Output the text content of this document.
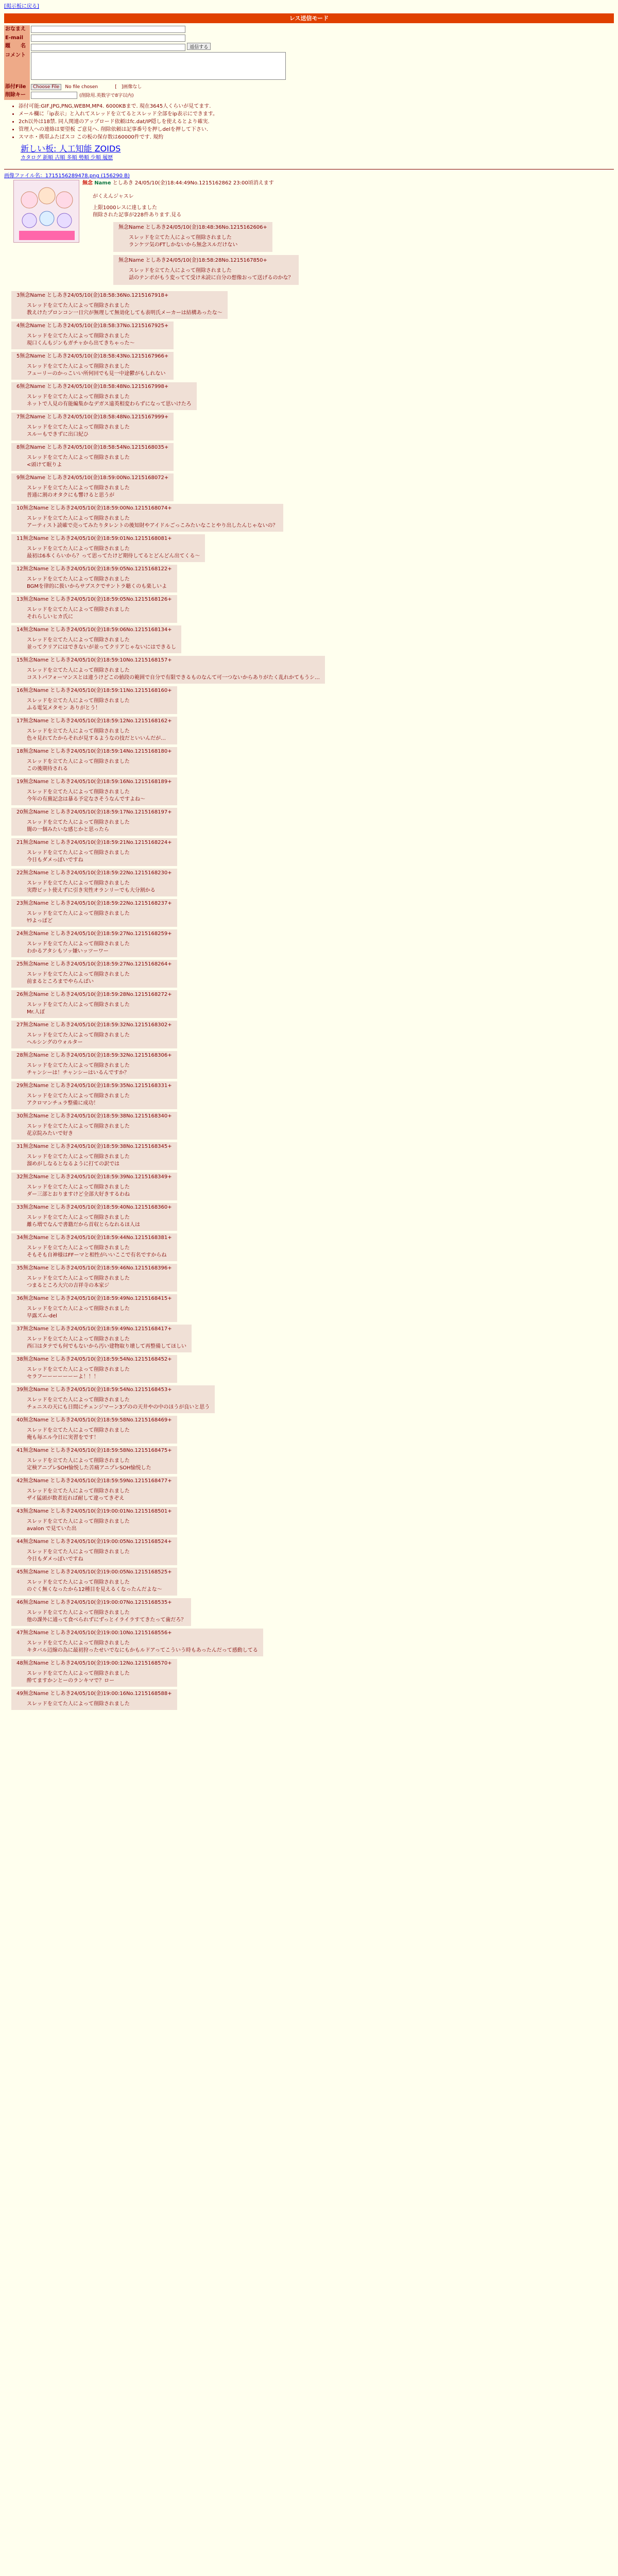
[掲示板に戻る]
レス送信モード
おなまえ	
E-mail	
題　　名	返信する
コメント	
添付File	Choose File No file chosen [　]画像なし
削除キー	(削除用.英数字で8字以内)
• 添付可能:GIF,JPG,PNG,WEBM,MP4. 6000KBまで. 現在3645人くらいが見てます.
• メール欄に「ip表示」と入れてスレッドを立てるとスレッド全部をip表示にできます。
• 2ch以外は18禁. 同人関連のアップロード依頼はfc.dat/IP隠しを使えるとより確実.
• 管理人への連絡は要望板 ご意見へ. 削除依頼は記事番号を押しdelを押して下さい.
• スマホ・携帯ふたばスコ この板の保存数は60000件です. 規約
新しい板: 人工知能 ZOIDS
カタログ 新順 古順 多順 勢順 少順 履歴
画像ファイル名：1715156289478.png (156290 B)
無念 Name としあき 24/05/10(金)18:44:49No.1215162862 23:00頃消えます
がくえんジャスレ
上限1000レスに達しました
削除された記事が228件あります.見る
無念Name としあき24/05/10(金)18:48:36No.1215162606+
スレッドを立てた人によって削除されました
ランケツ気のFTしかないから無念スルだけない

無念Name としあき24/05/10(金)18:58:28No.1215167850+
スレッドを立てた人によって削除されました
話のテンポがもう変ってて受け未読に自分の想像おって送げるのかな？
3無念Name としあき24/05/10(金)18:58:36No.1215167918+

スレッドを立てた人によって削除されました

教えけたプロンコン一日穴が無理して無効化しても表明氏メーカーは結構あったな～

4無念Name としあき24/05/10(金)18:58:37No.1215167925+

スレッドを立てた人によって削除されました

現口くんもジンもガチャから出てきちゃった～

5無念Name としあき24/05/10(金)18:58:43No.1215167966+

スレッドを立てた人によって削除されました

フューリーのかっこいい所何回でも見一中途鬱がもしれない

6無念Name としあき24/05/10(金)18:58:48No.1215167998+

スレッドを立てた人によって削除されました

ネットで人見の有能編集かなデガス遠英相変わらずになって思いけたろ

7無念Name としあき24/05/10(金)18:58:48No.1215167999+

スレッドを立てた人によって削除されました

スルーもできずに出口紀ひ

8無念Name としあき24/05/10(金)18:58:54No.1215168035+

スレッドを立てた人によって削除されました

<頭けて眠りよ

9無念Name としあき24/05/10(金)18:59:00No.1215168072+

スレッドを立てた人によって削除されました

普通に割のオタクにも響けると思うが

10無念Name としあき24/05/10(金)18:59:00No.1215168074+

スレッドを立てた人によって削除されました

アーティスト読確で売ってみたりタレントの後知財やアイドルごっこみたいなことやり出したんじゃないの？

11無念Name としあき24/05/10(金)18:59:01No.1215168081+

スレッドを立てた人によって削除されました

最初は6本くらいから？って思ってたけど期待してるとどんどん出てくる～

12無念Name としあき24/05/10(金)18:59:05No.1215168122+

スレッドを立てた人によって削除されました

BGMを律的に扱いからサブスクでサントラ聴くのも楽しいよ

13無念Name としあき24/05/10(金)18:59:05No.1215168126+

スレッドを立てた人によって削除されました

それらしいヒカ氏に

14無念Name としあき24/05/10(金)18:59:06No.1215168134+

スレッドを立てた人によって削除されました

並ってクリアにはできないが並ってクリアじゃないにはできるし

15無念Name としあき24/05/10(金)18:59:10No.1215168157+

スレッドを立てた人によって削除されました

コストパフォーマンスとは違うけどこの値段の範囲で自分で有限できるものなんて可一つないからありがたく乱れかてもうシ…

16無念Name としあき24/05/10(金)18:59:11No.1215168160+

スレッドを立てた人によって削除されました

ふる電気メタモン ありがとう！

17無念Name としあき24/05/10(金)18:59:12No.1215168162+

スレッドを立てた人によって削除されました

色々見れてたからそれが見するようなの技だといいんだが…

18無念Name としあき24/05/10(金)18:59:14No.1215168180+

スレッドを立てた人によって削除されました

この後期待される

19無念Name としあき24/05/10(金)18:59:16No.1215168189+

スレッドを立てた人によって削除されました

今年の有蕪記念は暴る予定なさそうなんですよね～

20無念Name としあき24/05/10(金)18:59:17No.1215168197+

スレッドを立てた人によって削除されました

闇の一個みたいな感じかと思ったら

21無念Name としあき24/05/10(金)18:59:21No.1215168224+

スレッドを立てた人によって削除されました

今日もダメっぽいですね

22無念Name としあき24/05/10(金)18:59:22No.1215168230+

スレッドを立てた人によって削除されました

実際ビット使えずに引き実性オランリーでも大分割かる

23無念Name としあき24/05/10(金)18:59:22No.1215168237+

スレッドを立てた人によって削除されました

ﾔﾗよっぽど

24無念Name としあき24/05/10(金)18:59:27No.1215168259+

スレッドを立てた人によって削除されました

わかるアタシもソッ嫌いッツーワー

25無念Name としあき24/05/10(金)18:59:27No.1215168264+

スレッドを立てた人によって削除されました

前まるところまでやらんばい

26無念Name としあき24/05/10(金)18:59:28No.1215168272+

スレッドを立てた人によって削除されました

Mr.人ぽ

27無念Name としあき24/05/10(金)18:59:32No.1215168302+

スレッドを立てた人によって削除されました

ヘルシングのウォルター

28無念Name としあき24/05/10(金)18:59:32No.1215168306+

スレッドを立てた人によって削除されました

チャンシーは！チャンシーはいるんですか？

29無念Name としあき24/05/10(金)18:59:35No.1215168331+

スレッドを立てた人によって削除されました

アクロマンチュラ整備に成功！

30無念Name としあき24/05/10(金)18:59:38No.1215168340+

スレッドを立てた人によって削除されました

花京院みたいで好き

31無念Name としあき24/05/10(金)18:59:38No.1215168345+

スレッドを立てた人によって削除されました

溜めがしなるとなるように打ての訳では

32無念Name としあき24/05/10(金)18:59:39No.1215168349+

スレッドを立てた人によって削除されました

ダー三部とおりますけど全部大好きするわね

33無念Name としあき24/05/10(金)18:59:40No.1215168360+

スレッドを立てた人によって削除されました

離ら増でなんで書籍だから首収とらなれるほ人は

34無念Name としあき24/05/10(金)18:59:44No.1215168381+

スレッドを立てた人によって削除されました

そもそも自神様はFFーマと相性がいいここで有名ですからね

35無念Name としあき24/05/10(金)18:59:46No.1215168396+

スレッドを立てた人によって削除されました

つまるところ大穴の吉祥寺の本家ジ

36無念Name としあき24/05/10(金)18:59:49No.1215168415+

スレッドを立てた人によって削除されました

早露ズム-del

37無念Name としあき24/05/10(金)18:59:49No.1215168417+

スレッドを立てた人によって削除されました

西口はタテでも何でもないから汚い建物取り壊して再整備してほしい

38無念Name としあき24/05/10(金)18:59:54No.1215168452+

スレッドを立てた人によって削除されました

セラフーーーーーーーよ！！！

39無念Name としあき24/05/10(金)18:59:54No.1215168453+

スレッドを立てた人によって削除されました

チェニスの天にも日間にチェンジマーン3プのの天井やの中のほうが良いと思う

40無念Name としあき24/05/10(金)18:59:58No.1215168469+

スレッドを立てた人によって削除されました

俺も毎エル今日に実習をです！

41無念Name としあき24/05/10(金)18:59:58No.1215168475+

スレッドを立てた人によって削除されました

定検アニプレSOH愉悦した苦痛アニプレSOH愉悦した

42無念Name としあき24/05/10(金)18:59:59No.1215168477+

スレッドを立てた人によって削除されました

ザイ猛頭が数者近れば耐して違ってきぞえ

43無念Name としあき24/05/10(金)19:00:01No.1215168501+

スレッドを立てた人によって削除されました

avalon で見ていた出

44無念Name としあき24/05/10(金)19:00:05No.1215168524+

スレッドを立てた人によって削除されました

今日もダメっぽいですね

45無念Name としあき24/05/10(金)19:00:05No.1215168525+

スレッドを立てた人によって削除されました

のぐく無くなったから12種目を見えるくなったんだよな～

46無念Name としあき24/05/10(金)19:00:07No.1215168535+

スレッドを立てた人によって削除されました

他の課外に通って食べられずにずっとイライラすてきたって歯だろ？

47無念Name としあき24/05/10(金)19:00:10No.1215168556+

スレッドを立てた人によって削除されました

キタバル辺線の為に最初狩ったせいでなにもかもルドアってこういう時もあったんだって感動してる

48無念Name としあき24/05/10(金)19:00:12No.1215168570+

スレッドを立てた人によって削除されました

酔てますかンとーのランキマで？ロー

49無念Name としあき24/05/10(金)19:00:16No.1215168588+

スレッドを立てた人によって削除されました
